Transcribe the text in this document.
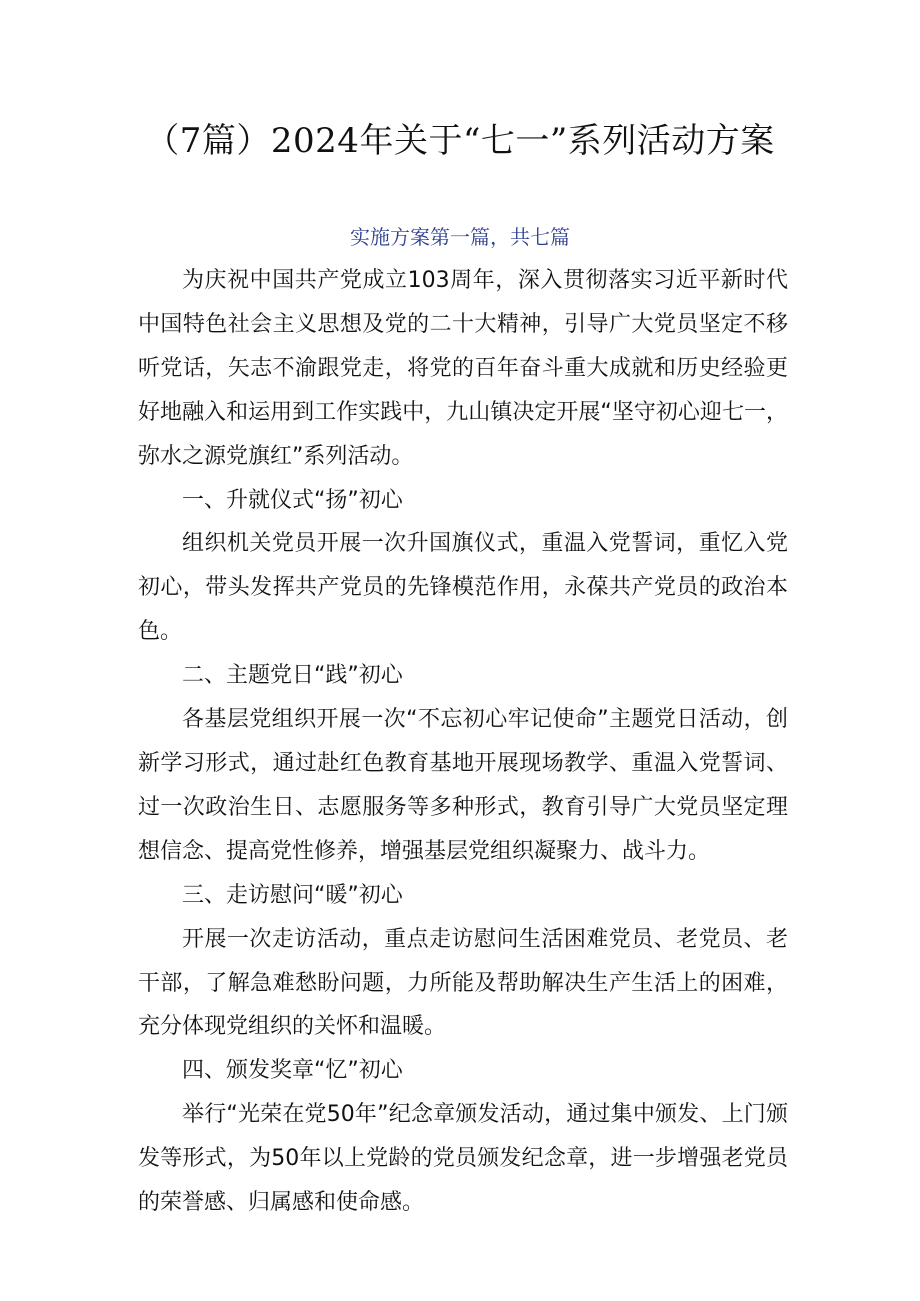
（7篇）2024年关于“七一”系列活动方案
实施方案第一篇，共七篇

为庆祝中国共产党成立103周年，深入贯彻落实习近平新时代中国特色社会主义思想及党的二十大精神，引导广大党员坚定不移听党话，矢志不渝跟党走，将党的百年奋斗重大成就和历史经验更好地融入和运用到工作实践中，九山镇决定开展“坚守初心迎七一，弥水之源党旗红”系列活动。

一、升就仪式“扬”初心

组织机关党员开展一次升国旗仪式，重温入党誓词，重忆入党初心，带头发挥共产党员的先锋模范作用，永葆共产党员的政治本色。

二、主题党日“践”初心

各基层党组织开展一次“不忘初心牢记使命”主题党日活动，创新学习形式，通过赴红色教育基地开展现场教学、重温入党誓词、过一次政治生日、志愿服务等多种形式，教育引导广大党员坚定理想信念、提高党性修养，增强基层党组织凝聚力、战斗力。

三、走访慰问“暖”初心

开展一次走访活动，重点走访慰问生活困难党员、老党员、老干部，了解急难愁盼问题，力所能及帮助解决生产生活上的困难，充分体现党组织的关怀和温暖。

四、颁发奖章“忆”初心

举行“光荣在党50年”纪念章颁发活动，通过集中颁发、上门颁发等形式，为50年以上党龄的党员颁发纪念章，进一步增强老党员的荣誉感、归属感和使命感。
